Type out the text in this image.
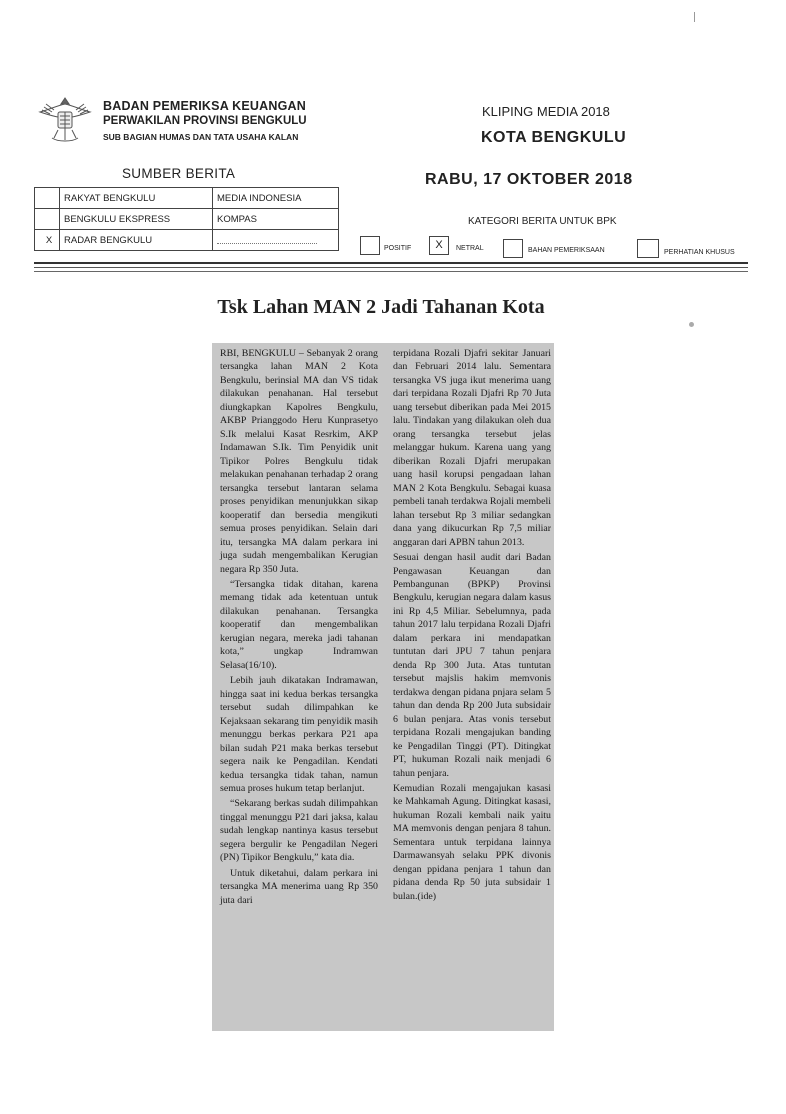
BADAN PEMERIKSA KEUANGAN
PERWAKILAN PROVINSI BENGKULU
SUB BAGIAN HUMAS DAN TATA USAHA KALAN
KLIPING MEDIA 2018
KOTA BENGKULU
RABU, 17 OKTOBER 2018
SUMBER BERITA
	RAKYAT BENGKULU	MEDIA INDONESIA
	BENGKULU EKSPRESS	KOMPAS
X	RADAR BENGKULU	
KATEGORI BERITA UNTUK BPK
POSITIF	X	NETRAL	BAHAN PEMERIKSAAN	PERHATIAN KHUSUS
Tsk Lahan MAN 2 Jadi Tahanan Kota

RBI, BENGKULU – Sebanyak 2 orang tersangka lahan MAN 2 Kota Bengkulu, berinsial MA dan VS tidak dilakukan penahanan. Hal tersebut diungkapkan Kapolres Bengkulu, AKBP Prianggodo Heru Kunprasetyo S.Ik melalui Kasat Resrkim, AKP Indamawan S.Ik. Tim Penyidik unit Tipikor Polres Bengkulu tidak melakukan penahanan terhadap 2 orang tersangka tersebut lantaran selama proses penyidikan menunjukkan sikap kooperatif dan bersedia mengikuti semua proses penyidikan. Selain dari itu, tersangka MA dalam perkara ini juga sudah mengembalikan Kerugian negara Rp 350 Juta.

“Tersangka tidak ditahan, karena memang tidak ada ketentuan untuk dilakukan penahanan. Tersangka kooperatif dan mengembalikan kerugian negara, mereka jadi tahanan kota,” ungkap Indramwan Selasa(16/10).

Lebih jauh dikatakan Indramawan, hingga saat ini kedua berkas tersangka tersebut sudah dilimpahkan ke Kejaksaan sekarang tim penyidik masih menunggu berkas perkara P21 apa bilan sudah P21 maka berkas tersebut segera naik ke Pengadilan. Kendati kedua tersangka tidak tahan, namun semua proses hukum tetap berlanjut.

“Sekarang berkas sudah dilimpahkan tinggal menunggu P21 dari jaksa, kalau sudah lengkap nantinya kasus tersebut segera bergulir ke Pengadilan Negeri (PN) Tipikor Bengkulu,” kata dia.

Untuk diketahui, dalam perkara ini tersangka MA menerima uang Rp 350 juta dari

terpidana Rozali Djafri sekitar Januari dan Februari 2014 lalu. Sementara tersangka VS juga ikut menerima uang dari terpidana Rozali Djafri Rp 70 Juta uang tersebut diberikan pada Mei 2015 lalu. Tindakan yang dilakukan oleh dua orang tersangka tersebut jelas melanggar hukum. Karena uang yang diberikan Rozali Djafri merupakan uang hasil korupsi pengadaan lahan MAN 2 Kota Bengkulu. Sebagai kuasa pembeli tanah terdakwa Rojali membeli lahan tersebut Rp 3 miliar sedangkan dana yang dikucurkan Rp 7,5 miliar anggaran dari APBN tahun 2013.

Sesuai dengan hasil audit dari Badan Pengawasan Keuangan dan Pembangunan (BPKP) Provinsi Bengkulu, kerugian negara dalam kasus ini Rp 4,5 Miliar. Sebelumnya, pada tahun 2017 lalu terpidana Rozali Djafri dalam perkara ini mendapatkan tuntutan dari JPU 7 tahun penjara denda Rp 300 Juta. Atas tuntutan tersebut majslis hakim memvonis terdakwa dengan pidana pnjara selam 5 tahun dan denda Rp 200 Juta subsidair 6 bulan penjara. Atas vonis tersebut terpidana Rozali mengajukan banding ke Pengadilan Tinggi (PT). Ditingkat PT, hukuman Rozali naik menjadi 6 tahun penjara.

Kemudian Rozali mengajukan kasasi ke Mahkamah Agung. Ditingkat kasasi, hukuman Rozali kembali naik yaitu MA memvonis dengan penjara 8 tahun. Sementara untuk terpidana lainnya Darmawansyah selaku PPK divonis dengan ppidana penjara 1 tahun dan pidana denda Rp 50 juta subsidair 1 bulan.(ide)
